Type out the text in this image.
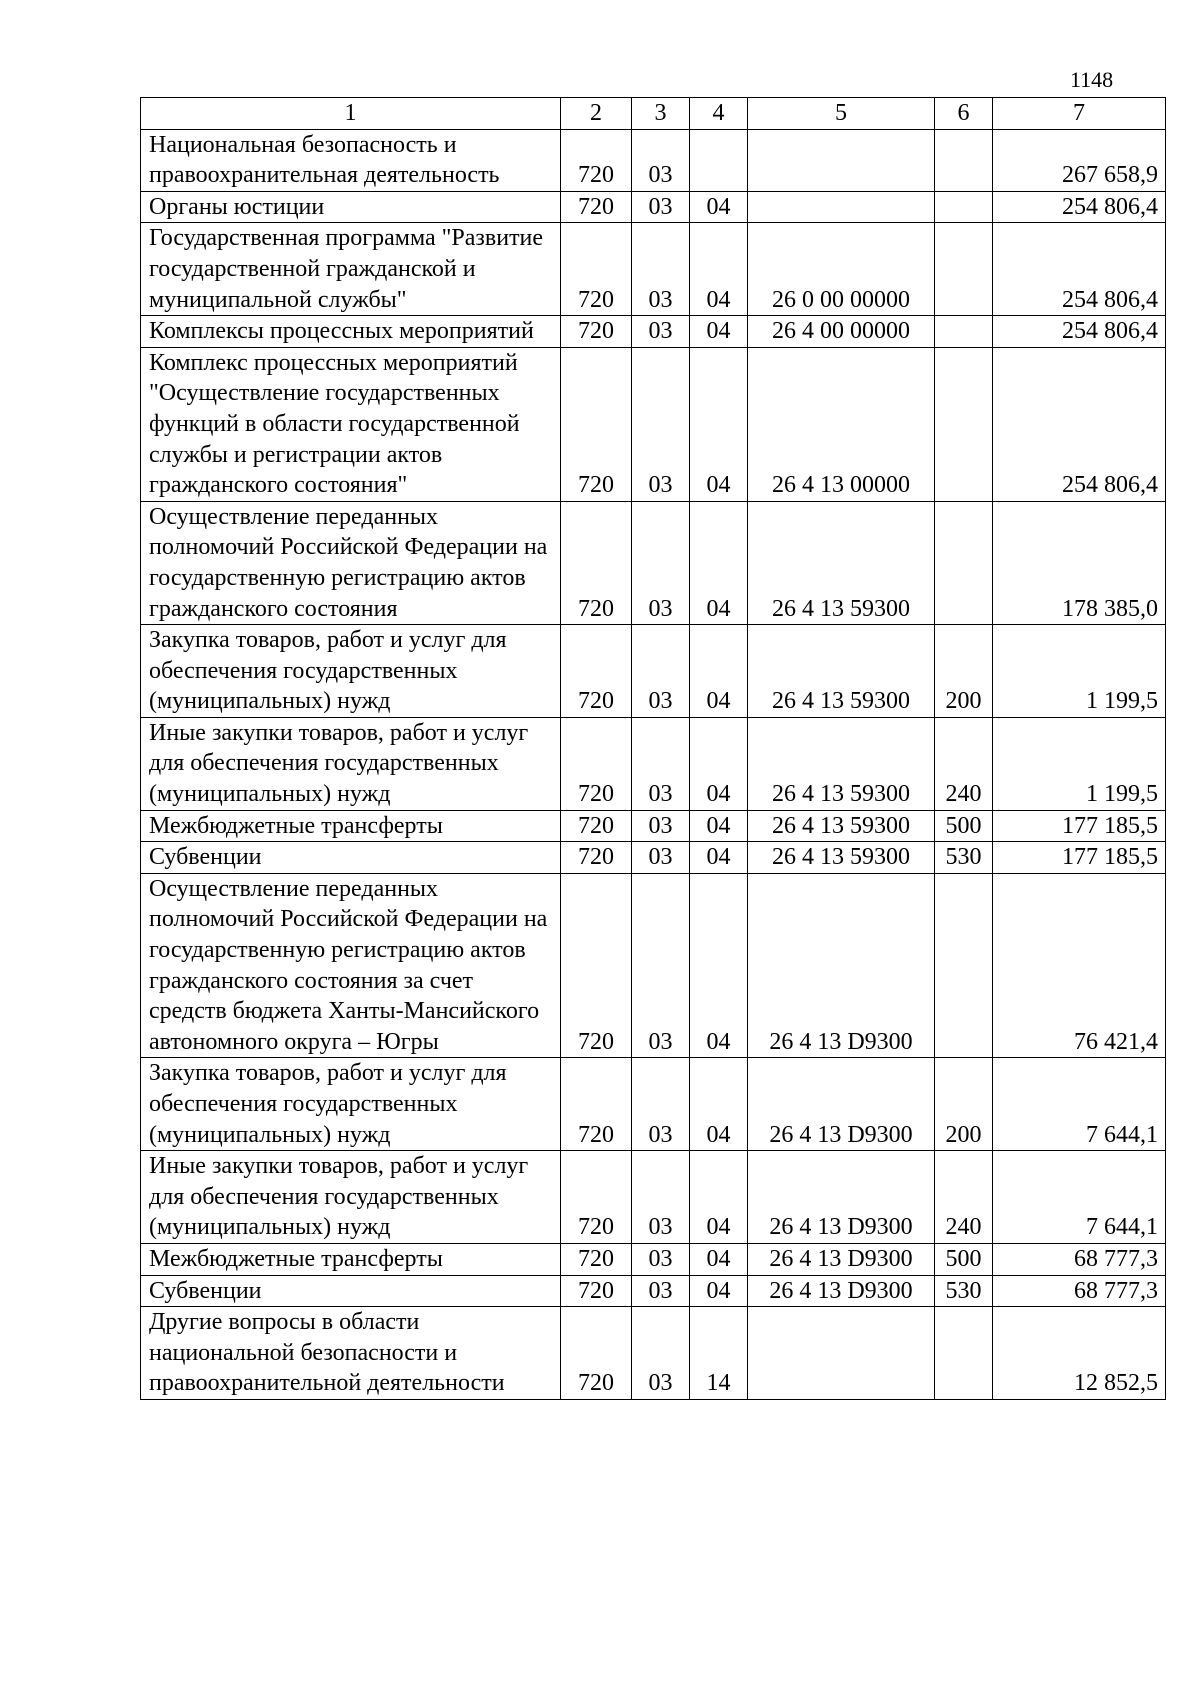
1148
1	2	3	4	5	6	7
Национальная безопасность и правоохранительная деятельность	720	03				267 658,9
Органы юстиции	720	03	04			254 806,4
Государственная программа "Развитие государственной гражданской и муниципальной службы"	720	03	04	26 0 00 00000		254 806,4
Комплексы процессных мероприятий	720	03	04	26 4 00 00000		254 806,4
Комплекс процессных мероприятий "Осуществление государственных функций в области государственной службы и регистрации актов гражданского состояния"	720	03	04	26 4 13 00000		254 806,4
Осуществление переданных полномочий Российской Федерации на государственную регистрацию актов гражданского состояния	720	03	04	26 4 13 59300		178 385,0
Закупка товаров, работ и услуг для обеспечения государственных (муниципальных) нужд	720	03	04	26 4 13 59300	200	1 199,5
Иные закупки товаров, работ и услуг для обеспечения государственных (муниципальных) нужд	720	03	04	26 4 13 59300	240	1 199,5
Межбюджетные трансферты	720	03	04	26 4 13 59300	500	177 185,5
Субвенции	720	03	04	26 4 13 59300	530	177 185,5
Осуществление переданных полномочий Российской Федерации на государственную регистрацию актов гражданского состояния за счет средств бюджета Ханты-Мансийского автономного округа – Югры	720	03	04	26 4 13 D9300		76 421,4
Закупка товаров, работ и услуг для обеспечения государственных (муниципальных) нужд	720	03	04	26 4 13 D9300	200	7 644,1
Иные закупки товаров, работ и услуг для обеспечения государственных (муниципальных) нужд	720	03	04	26 4 13 D9300	240	7 644,1
Межбюджетные трансферты	720	03	04	26 4 13 D9300	500	68 777,3
Субвенции	720	03	04	26 4 13 D9300	530	68 777,3
Другие вопросы в области национальной безопасности и правоохранительной деятельности	720	03	14			12 852,5
